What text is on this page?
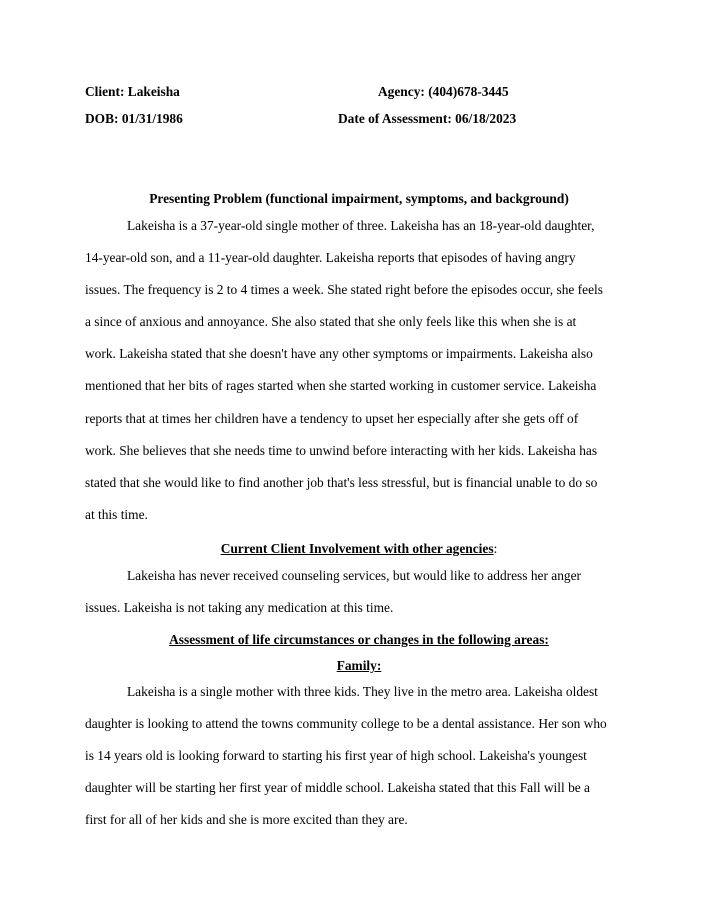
Client: Lakeisha	Agency: (404)678-3445
DOB: 01/31/1986	Date of Assessment: 06/18/2023
Presenting Problem (functional impairment, symptoms, and background)
Lakeisha is a 37-year-old single mother of three. Lakeisha has an 18-year-old daughter,
14-year-old son, and a 11-year-old daughter. Lakeisha reports that episodes of having angry
issues. The frequency is 2 to 4 times a week. She stated right before the episodes occur, she feels
a since of anxious and annoyance. She also stated that she only feels like this when she is at
work. Lakeisha stated that she doesn't have any other symptoms or impairments. Lakeisha also
mentioned that her bits of rages started when she started working in customer service. Lakeisha
reports that at times her children have a tendency to upset her especially after she gets off of
work. She believes that she needs time to unwind before interacting with her kids. Lakeisha has
stated that she would like to find another job that's less stressful, but is financial unable to do so
at this time.
Current Client Involvement with other agencies:
Lakeisha has never received counseling services, but would like to address her anger
issues. Lakeisha is not taking any medication at this time.
Assessment of life circumstances or changes in the following areas:
Family:
Lakeisha is a single mother with three kids. They live in the metro area. Lakeisha oldest
daughter is looking to attend the towns community college to be a dental assistance. Her son who
is 14 years old is looking forward to starting his first year of high school. Lakeisha's youngest
daughter will be starting her first year of middle school. Lakeisha stated that this Fall will be a
first for all of her kids and she is more excited than they are.
